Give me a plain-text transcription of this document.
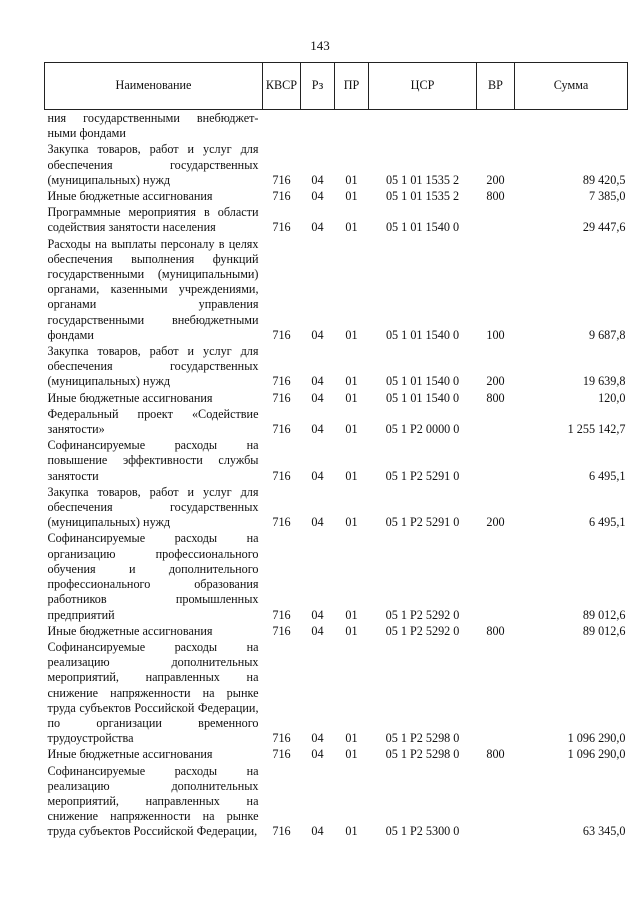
143
Наименование	КВСР	Рз	ПР	ЦСР	ВР	Сумма
ния государственными внебюджет-ными фондами						
Закупка товаров, работ и услуг для обеспечения государственных (муниципальных) нужд	716	04	01	05 1 01 1535 2	200	89 420,5
Иные бюджетные ассигнования	716	04	01	05 1 01 1535 2	800	7 385,0
Программные мероприятия в области содействия занятости населения	716	04	01	05 1 01 1540 0		29 447,6
Расходы на выплаты персоналу в целях обеспечения выполнения функций государственными (муниципальными) органами, казенными учреждениями, органами управления государственными внебюджетными фондами	716	04	01	05 1 01 1540 0	100	9 687,8
Закупка товаров, работ и услуг для обеспечения государственных (муниципальных) нужд	716	04	01	05 1 01 1540 0	200	19 639,8
Иные бюджетные ассигнования	716	04	01	05 1 01 1540 0	800	120,0
Федеральный проект «Содействие занятости»	716	04	01	05 1 P2 0000 0		1 255 142,7
Софинансируемые расходы на повышение эффективности службы занятости	716	04	01	05 1 P2 5291 0		6 495,1
Закупка товаров, работ и услуг для обеспечения государственных (муниципальных) нужд	716	04	01	05 1 P2 5291 0	200	6 495,1
Софинансируемые расходы на организацию профессионального обучения и дополнительного профессионального образования работников промышленных предприятий	716	04	01	05 1 P2 5292 0		89 012,6
Иные бюджетные ассигнования	716	04	01	05 1 P2 5292 0	800	89 012,6
Софинансируемые расходы на реализацию дополнительных мероприятий, направленных на снижение напряженности на рынке труда субъектов Российской Федерации, по организации временного трудоустройства	716	04	01	05 1 P2 5298 0		1 096 290,0
Иные бюджетные ассигнования	716	04	01	05 1 P2 5298 0	800	1 096 290,0
Софинансируемые расходы на реализацию дополнительных мероприятий, направленных на снижение напряженности на рынке труда субъектов Российской Федерации,	716	04	01	05 1 P2 5300 0		63 345,0
